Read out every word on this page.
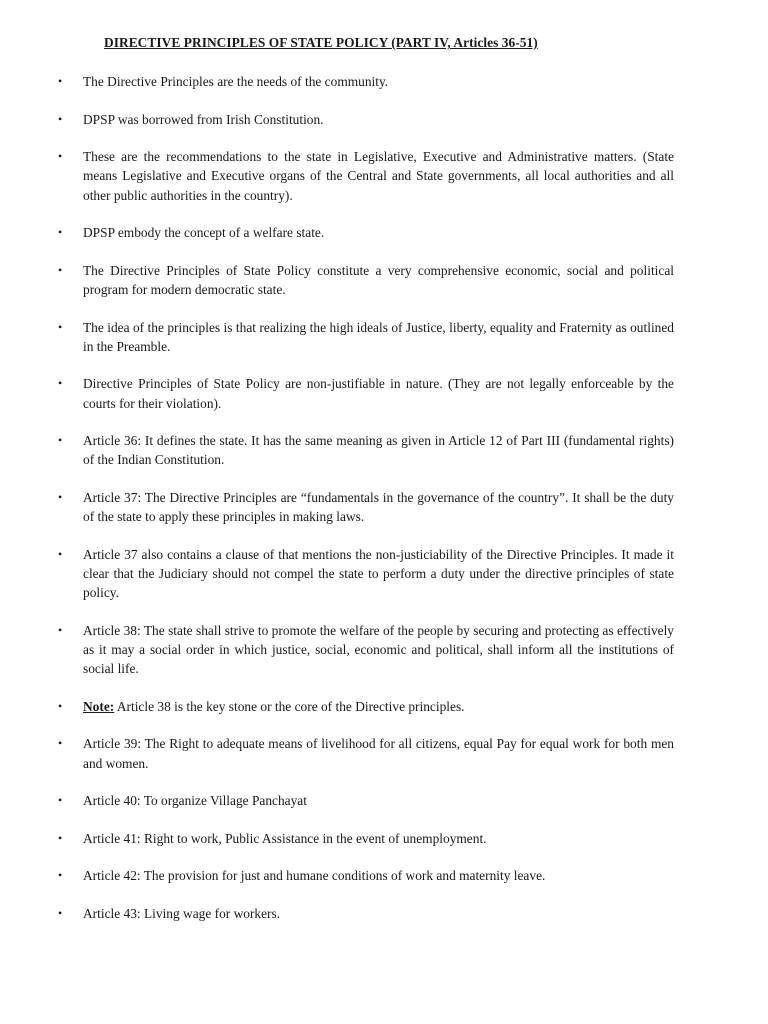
DIRECTIVE PRINCIPLES OF STATE POLICY (PART IV, Articles 36-51)
• The Directive Principles are the needs of the community.
• DPSP was borrowed from Irish Constitution.
• These are the recommendations to the state in Legislative, Executive and Administrative matters. (State means Legislative and Executive organs of the Central and State governments, all local authorities and all other public authorities in the country).
• DPSP embody the concept of a welfare state.
• The Directive Principles of State Policy constitute a very comprehensive economic, social and political program for modern democratic state.
• The idea of the principles is that realizing the high ideals of Justice, liberty, equality and Fraternity as outlined in the Preamble.
• Directive Principles of State Policy are non-justifiable in nature. (They are not legally enforceable by the courts for their violation).
• Article 36: It defines the state. It has the same meaning as given in Article 12 of Part III (fundamental rights) of the Indian Constitution.
• Article 37: The Directive Principles are “fundamentals in the governance of the country”. It shall be the duty of the state to apply these principles in making laws.
• Article 37 also contains a clause of that mentions the non-justiciability of the Directive Principles. It made it clear that the Judiciary should not compel the state to perform a duty under the directive principles of state policy.
• Article 38: The state shall strive to promote the welfare of the people by securing and protecting as effectively as it may a social order in which justice, social, economic and political, shall inform all the institutions of social life.
• Note: Article 38 is the key stone or the core of the Directive principles.
• Article 39: The Right to adequate means of livelihood for all citizens, equal Pay for equal work for both men and women.
• Article 40: To organize Village Panchayat
• Article 41: Right to work, Public Assistance in the event of unemployment.
• Article 42: The provision for just and humane conditions of work and maternity leave.
• Article 43: Living wage for workers.
